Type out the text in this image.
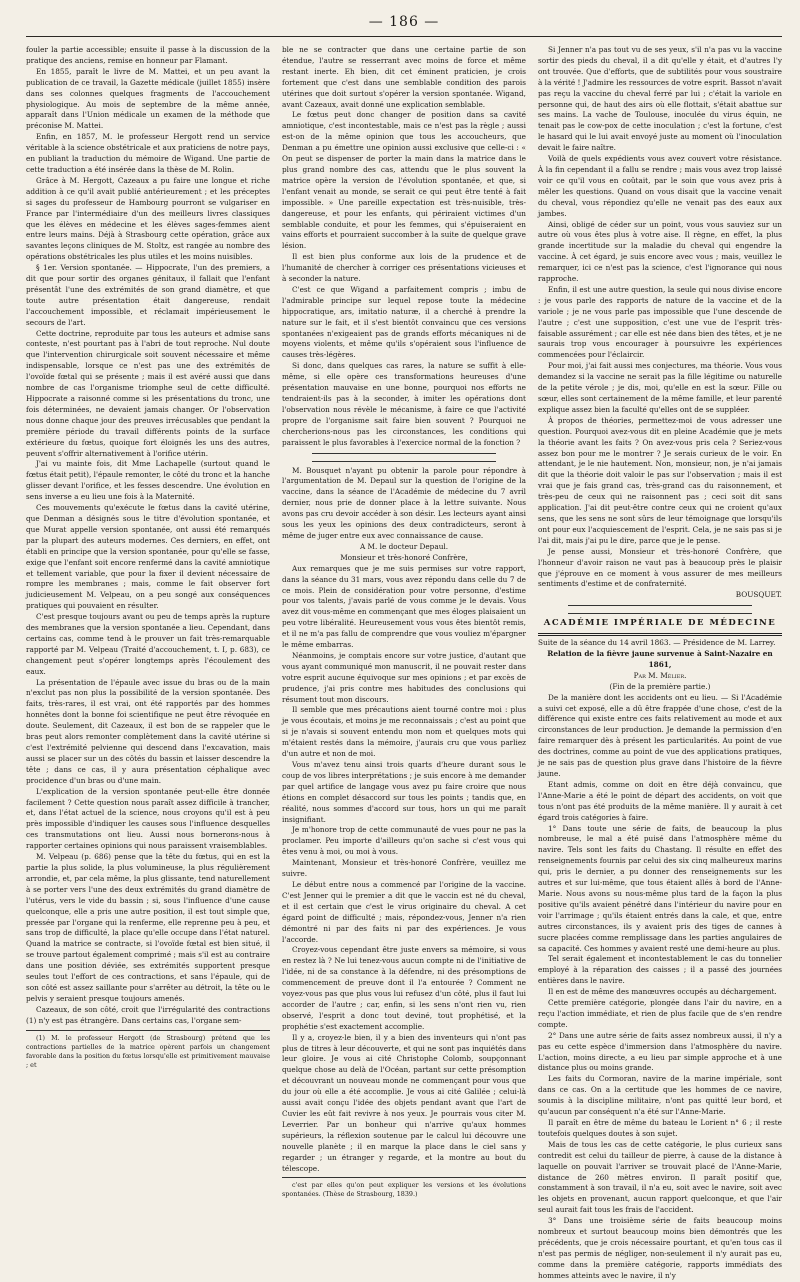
— 186 —

fouler la partie accessible; ensuite il passe à la discussion de la pratique des anciens, remise en honneur par Flamant.

En 1855, paraît le livre de M. Mattei, et un peu avant la publication de ce travail, la Gazette médicale (juillet 1855) insère dans ses colonnes quelques fragments de l'accouchement physiologique. Au mois de septembre de la même année, apparaît dans l'Union médicale un examen de la méthode que préconise M. Mattei.

Enfin, en 1857, M. le professeur Hergott rend un service véritable à la science obstétricale et aux praticiens de notre pays, en publiant la traduction du mémoire de Wigand. Une partie de cette traduction a été insérée dans la thèse de M. Rolin.

Grâce à M. Hergott, Cazeaux a pu faire une longue et riche addition à ce qu'il avait publié antérieurement ; et les préceptes si sages du professeur de Hambourg pourront se vulgariser en France par l'intermédiaire d'un des meilleurs livres classiques que les élèves en médecine et les élèves sages-femmes aient entre leurs mains. Déjà à Strasbourg cette opération, grâce aux savantes leçons cliniques de M. Stoltz, est rangée au nombre des opérations obstétricales les plus utiles et les moins nuisibles.

§ 1er. Version spontanée. — Hippocrate, l'un des premiers, a dit que pour sortir des organes génitaux, il fallait que l'enfant présentât l'une des extrémités de son grand diamètre, et que toute autre présentation était dangereuse, rendait l'accouchement impossible, et réclamait impérieusement le secours de l'art.

Cette doctrine, reproduite par tous les auteurs et admise sans conteste, n'est pourtant pas à l'abri de tout reproche. Nul doute que l'intervention chirurgicale soit souvent nécessaire et même indispensable, lorsque ce n'est pas une des extrémités de l'ovoïde fœtal qui se présente ; mais il est avéré aussi que dans nombre de cas l'organisme triomphe seul de cette difficulté. Hippocrate a raisonné comme si les présentations du tronc, une fois déterminées, ne devaient jamais changer. Or l'observation nous donne chaque jour des preuves irrécusables que pendant la première période du travail différents points de la surface extérieure du fœtus, quoique fort éloignés les uns des autres, peuvent s'offrir alternativement à l'orifice utérin.

J'ai vu mainte fois, dit Mme Lachapelle (surtout quand le fœtus était petit), l'épaule remonter, le côté du tronc et la hanche glisser devant l'orifice, et les fesses descendre. Une évolution en sens inverse a eu lieu une fois à la Maternité.

Ces mouvements qu'exécute le fœtus dans la cavité utérine, que Denman a désignés sous le titre d'évolution spontanée, et que Murat appelle version spontanée, ont aussi été remarqués par la plupart des auteurs modernes. Ces derniers, en effet, ont établi en principe que la version spontanée, pour qu'elle se fasse, exige que l'enfant soit encore renfermé dans la cavité amniotique et tellement variable, que pour la fixer il devient nécessaire de rompre les membranes ; mais, comme le fait observer fort judicieusement M. Velpeau, on a peu songé aux conséquences pratiques qui pouvaient en résulter.

C'est presque toujours avant ou peu de temps après la rupture des membranes que la version spontanée a lieu. Cependant, dans certains cas, comme tend à le prouver un fait très-remarquable rapporté par M. Velpeau (Traité d'accouchement, t. I, p. 683), ce changement peut s'opérer longtemps après l'écoulement des eaux.

La présentation de l'épaule avec issue du bras ou de la main n'exclut pas non plus la possibilité de la version spontanée. Des faits, très-rares, il est vrai, ont été rapportés par des hommes honnêtes dont la bonne foi scientifique ne peut être révoquée en doute. Seulement, dit Cazeaux, il est bon de se rappeler que le bras peut alors remonter complètement dans la cavité utérine si c'est l'extrémité pelvienne qui descend dans l'excavation, mais aussi se placer sur un des côtés du bassin et laisser descendre la tête ; dans ce cas, il y aura présentation céphalique avec procidence d'un bras ou d'une main.

L'explication de la version spontanée peut-elle être donnée facilement ? Cette question nous paraît assez difficile à trancher, et, dans l'état actuel de la science, nous croyons qu'il est à peu près impossible d'indiquer les causes sous l'influence desquelles ces transmutations ont lieu. Aussi nous bornerons-nous à rapporter certaines opinions qui nous paraissent vraisemblables.

M. Velpeau (p. 686) pense que la tête du fœtus, qui en est la partie la plus solide, la plus volumineuse, la plus régulièrement arrondie, et, par cela même, la plus glissante, tend naturellement à se porter vers l'une des deux extrémités du grand diamètre de l'utérus, vers le vide du bassin ; si, sous l'influence d'une cause quelconque, elle a pris une autre position, il est tout simple que, pressée par l'organe qui la renferme, elle reprenne peu à peu, et sans trop de difficulté, la place qu'elle occupe dans l'état naturel. Quand la matrice se contracte, si l'ovoïde fœtal est bien situé, il se trouve partout également comprimé ; mais s'il est au contraire dans une position déviée, ses extrémités supportent presque seules tout l'effort de ces contractions, et sans l'épaule, qui de son côté est assez saillante pour s'arrêter au détroit, la tête ou le pelvis y seraient presque toujours amenés.

Cazeaux, de son côté, croit que l'irrégularité des contractions (1) n'y est pas étrangère. Dans certains cas, l'organe sem-

(1) M. le professeur Hergott (de Strasbourg) prétend que les contractions partielles de la matrice opèrent parfois un changement favorable dans la position du fœtus lorsqu'elle est primitivement mauvaise ; et

ble ne se contracter que dans une certaine partie de son étendue, l'autre se resserrant avec moins de force et même restant inerte. Eh bien, dit cet éminent praticien, je crois fortement que c'est dans une semblable condition des parois utérines que doit surtout s'opérer la version spontanée. Wigand, avant Cazeaux, avait donné une explication semblable.

Le fœtus peut donc changer de position dans sa cavité amniotique, c'est incontestable, mais ce n'est pas la règle ; aussi est-on de la même opinion que tous les accoucheurs, que Denman a pu émettre une opinion aussi exclusive que celle-ci : « On peut se dispenser de porter la main dans la matrice dans le plus grand nombre des cas, attendu que le plus souvent la matrice opère la version de l'évolution spontanée, et que, si l'enfant venait au monde, se serait ce qui peut être tenté à fait impossible. » Une pareille expectation est très-nuisible, très-dangereuse, et pour les enfants, qui périraient victimes d'un semblable conduite, et pour les femmes, qui s'épuiseraient en vains efforts et pourraient succomber à la suite de quelque grave lésion.

Il est bien plus conforme aux lois de la prudence et de l'humanité de chercher à corriger ces présentations vicieuses et à seconder la nature.

C'est ce que Wigand a parfaitement compris ; imbu de l'admirable principe sur lequel repose toute la médecine hippocratique, ars, imitatio naturæ, il a cherché à prendre la nature sur le fait, et il s'est bientôt convaincu que ces versions spontanées n'exigeaient pas de grands efforts mécaniques ni de moyens violents, et même qu'ils s'opéraient sous l'influence de causes très-légères.

Si donc, dans quelques cas rares, la nature se suffit à elle-même, si elle opère ces transformations heureuses d'une présentation mauvaise en une bonne, pourquoi nos efforts ne tendraient-ils pas à la seconder, à imiter les opérations dont l'observation nous révèle le mécanisme, à faire ce que l'activité propre de l'organisme sait faire bien souvent ? Pourquoi ne chercherions-nous pas les circonstances, les conditions qui paraissent le plus favorables à l'exercice normal de la fonction ?

M. Bousquet n'ayant pu obtenir la parole pour répondre à l'argumentation de M. Depaul sur la question de l'origine de la vaccine, dans la séance de l'Académie de médecine du 7 avril dernier, nous prie de donner place à la lettre suivante. Nous avons pas cru devoir accéder à son désir. Les lecteurs ayant ainsi sous les yeux les opinions des deux contradicteurs, seront à même de juger entre eux avec connaissance de cause.

A M. le docteur Depaul.

Monsieur et très-honoré Confrère,

Aux remarques que je me suis permises sur votre rapport, dans la séance du 31 mars, vous avez répondu dans celle du 7 de ce mois. Plein de considération pour votre personne, d'estime pour vos talents, j'avais parlé de vous comme je le devais. Vous avez dit vous-même en commençant que mes éloges plaisaient un peu votre libéralité. Heureusement vous vous êtes bientôt remis, et il ne m'a pas fallu de comprendre que vous vouliez m'épargner le même embarras.

Néanmoins, je comptais encore sur votre justice, d'autant que vous ayant communiqué mon manuscrit, il ne pouvait rester dans votre esprit aucune équivoque sur mes opinions ; et par excès de prudence, j'ai pris contre mes habitudes des conclusions qui résument tout mon discours.

Il semble que mes précautions aient tourné contre moi : plus je vous écoutais, et moins je me reconnaissais ; c'est au point que si je n'avais si souvent entendu mon nom et quelques mots qui m'étaient restés dans la mémoire, j'aurais cru que vous parliez d'un autre et non de moi.

Vous m'avez tenu ainsi trois quarts d'heure durant sous le coup de vos libres interprétations ; je suis encore à me demander par quel artifice de langage vous avez pu faire croire que nous étions en complet désaccord sur tous les points ; tandis que, en réalité, nous sommes d'accord sur tous, hors un qui me paraît insignifiant.

Je m'honore trop de cette communauté de vues pour ne pas la proclamer. Peu importe d'ailleurs qu'on sache si c'est vous qui êtes venu à moi, ou moi à vous.

Maintenant, Monsieur et très-honoré Confrère, veuillez me suivre.

Le début entre nous a commencé par l'origine de la vaccine. C'est Jenner qui le premier a dit que le vaccin est né du cheval, et il est certain que c'est le virus originaire du cheval. A cet égard point de difficulté ; mais, répondez-vous, Jenner n'a rien démontré ni par des faits ni par des expériences. Je vous l'accorde.

Croyez-vous cependant être juste envers sa mémoire, si vous en restez là ? Ne lui tenez-vous aucun compte ni de l'initiative de l'idée, ni de sa constance à la défendre, ni des présomptions de commencement de preuve dont il l'a entourée ? Comment ne voyez-vous pas que plus vous lui refusez d'un côté, plus il faut lui accorder de l'autre ; car, enfin, si les sens n'ont rien vu, rien observé, l'esprit a donc tout deviné, tout prophétisé, et la prophétie s'est exactement accomplie.

Il y a, croyez-le bien, il y a bien des inventeurs qui n'ont pas plus de titres à leur découverte, et qui ne sont pas inquiétés dans leur gloire. Je vous ai cité Christophe Colomb, soupçonnant quelque chose au delà de l'Océan, partant sur cette présomption et découvrant un nouveau monde ne commençant pour vous que du jour où elle a été accomplie. Je vous ai cité Galilée ; celui-là aussi avait conçu l'idée des objets pendant avant que l'art de Cuvier les eût fait revivre à nos yeux. Je pourrais vous citer M. Leverrier. Par un bonheur qui n'arrive qu'aux hommes supérieurs, la réflexion soutenue par le calcul lui découvre une nouvelle planète ; il en marque la place dans le ciel sans y regarder ; un étranger y regarde, et la montre au bout du télescope.

c'est par elles qu'on peut expliquer les versions et les évolutions spontanées. (Thèse de Strasbourg, 1839.)

Si Jenner n'a pas tout vu de ses yeux, s'il n'a pas vu la vaccine sortir des pieds du cheval, il a dit qu'elle y était, et d'autres l'y ont trouvée. Que d'efforts, que de subtilités pour vous soustraire à la vérité ! J'admire les ressources de votre esprit. Bassot n'avait pas reçu la vaccine du cheval ferré par lui ; c'était la variole en personne qui, de haut des airs où elle flottait, s'était abattue sur ses mains. La vache de Toulouse, inoculée du virus équin, ne tenait pas le cow-pox de cette inoculation ; c'est la fortune, c'est le hasard qui le lui avait envoyé juste au moment où l'inoculation devait le faire naître.

Voilà de quels expédients vous avez couvert votre résistance. À la fin cependant il a fallu se rendre ; mais vous avez trop laissé voir ce qu'il vous en coûtait, par le soin que vous avez pris à mêler les questions. Quand on vous disait que la vaccine venait du cheval, vous répondiez qu'elle ne venait pas des eaux aux jambes.

Ainsi, obligé de céder sur un point, vous vous sauviez sur un autre où vous êtes plus à votre aise. Il règne, en effet, la plus grande incertitude sur la maladie du cheval qui engendre la vaccine. À cet égard, je suis encore avec vous ; mais, veuillez le remarquer, ici ce n'est pas la science, c'est l'ignorance qui nous rapproche.

Enfin, il est une autre question, la seule qui nous divise encore : je vous parle des rapports de nature de la vaccine et de la variole ; je ne vous parle pas impossible que l'une descende de l'autre ; c'est une supposition, c'est une vue de l'esprit très-faisable assurément ; car elle est née dans bien des têtes, et je ne saurais trop vous encourager à poursuivre les expériences commencées pour l'éclaircir.

Pour moi, j'ai fait aussi mes conjectures, ma théorie. Vous vous demandez si la vaccine ne serait pas la fille légitime ou naturelle de la petite vérole ; je dis, moi, qu'elle en est la sœur. Fille ou sœur, elles sont certainement de la même famille, et leur parenté explique assez bien la faculté qu'elles ont de se suppléer.

À propos de théories, permettez-moi de vous adresser une question. Pourquoi avez-vous dit en pleine Académie que je mets la théorie avant les faits ? On avez-vous pris cela ? Seriez-vous assez bon pour me le montrer ? Je serais curieux de le voir. En attendant, je le nie hautement. Non, monsieur, non, je n'ai jamais dit que la théorie doit valoir le pas sur l'observation ; mais il est vrai que je fais grand cas, très-grand cas du raisonnement, et très-peu de ceux qui ne raisonnent pas ; ceci soit dit sans application. J'ai dit peut-être contre ceux qui ne croient qu'aux sens, que les sens ne sont sûrs de leur témoignage que lorsqu'ils ont pour eux l'acquiescement de l'esprit. Cela, je ne sais pas si je l'ai dit, mais j'ai pu le dire, parce que je le pense.

Je pense aussi, Monsieur et très-honoré Confrère, que l'honneur d'avoir raison ne vaut pas à beaucoup près le plaisir que j'éprouve en ce moment à vous assurer de mes meilleurs sentiments d'estime et de confraternité.

BOUSQUET.

ACADÉMIE IMPÉRIALE DE MÉDECINE

Suite de la séance du 14 avril 1863. — Présidence de M. Larrey.

Relation de la fièvre jaune survenue à Saint-Nazaire en 1861,

Par M. Mélier.

(Fin de la première partie.)

De la manière dont les accidents ont eu lieu. — Si l'Académie a suivi cet exposé, elle a dû être frappée d'une chose, c'est de la différence qui existe entre ces faits relativement au mode et aux circonstances de leur production. Je demande la permission d'en faire remarquer dès à présent les particularités. Au point de vue des doctrines, comme au point de vue des applications pratiques, je ne sais pas de question plus grave dans l'histoire de la fièvre jaune.

Etant admis, comme on doit en être déjà convaincu, que l'Anne-Marie a été le point de départ des accidents, on voit que tous n'ont pas été produits de la même manière. Il y aurait à cet égard trois catégories à faire.

1° Dans toute une série de faits, de beaucoup la plus nombreuse, le mal a été puisé dans l'atmosphère même du navire. Tels sont les faits du Chastang. Il résulte en effet des renseignements fournis par celui des six cinq malheureux marins qui, pris le dernier, a pu donner des renseignements sur les autres et sur lui-même, que tous étaient allés à bord de l'Anne-Marie. Nous avons su nous-même plus tard de la façon la plus positive qu'ils avaient pénétré dans l'intérieur du navire pour en voir l'arrimage ; qu'ils étaient entrés dans la cale, et que, entre autres circonstances, ils y avaient pris des tiges de cannes à sucre placées comme remplissage dans les parties angulaires de sa capacité. Ces hommes y avaient resté une demi-heure au plus.

Tel serait également et incontestablement le cas du tonnelier employé à la réparation des caisses ; il a passé des journées entières dans le navire.

Il en est de même des manœuvres occupés au déchargement.

Cette première catégorie, plongée dans l'air du navire, en a reçu l'action immédiate, et rien de plus facile que de s'en rendre compte.

2° Dans une autre série de faits assez nombreux aussi, il n'y a pas eu cette espèce d'immersion dans l'atmosphère du navire. L'action, moins directe, a eu lieu par simple approche et à une distance plus ou moins grande.

Les faits du Cormoran, navire de la marine impériale, sont dans ce cas. On a la certitude que les hommes de ce navire, soumis à la discipline militaire, n'ont pas quitté leur bord, et qu'aucun par conséquent n'a été sur l'Anne-Marie.

Il paraît en être de même du bateau le Lorient n° 6 ; il reste toutefois quelques doutes à son sujet.

Mais de tous les cas de cette catégorie, le plus curieux sans contredit est celui du tailleur de pierre, à cause de la distance à laquelle on pouvait l'arriver se trouvait placé de l'Anne-Marie, distance de 260 mètres environ. Il paraît positif que, constamment à son travail, il n'a eu, soit avec le navire, soit avec les objets en provenant, aucun rapport quelconque, et que l'air seul aurait fait tous les frais de l'accident.

3° Dans une troisième série de faits beaucoup moins nombreux et surtout beaucoup moins bien démontrés que les précédents, que je crois nécessaire pourtant, et qu'en tous cas il n'est pas permis de négliger, non-seulement il n'y aurait pas eu, comme dans la première catégorie, rapports immédiats des hommes atteints avec le navire, il n'y
